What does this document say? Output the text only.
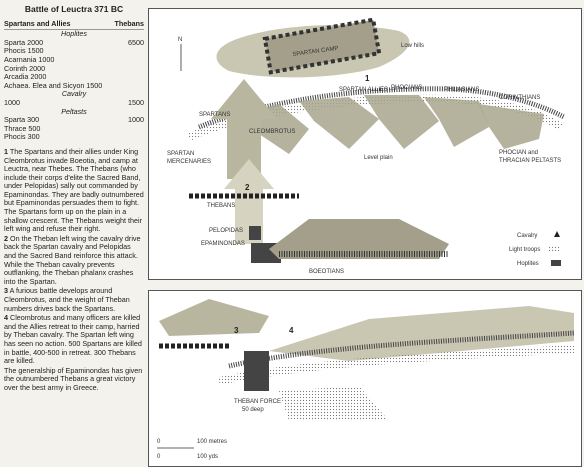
Battle of Leuctra 371 BC
Spartans and Allies	Thebans
Hoplites
Sparta 2000	6500
Phocis 1500
Acarnania 1000
Corinth 2000
Arcadia 2000
Achaea. Elea and Sicyon 1500
Cavalry
1000	1500
Peltasts
Sparta 300	1000
Thrace 500
Phocis 300

1 The Spartans and their allies under King Cleombrotus invade Boeotia, and camp at Leuctra, near Thebes. The Thebans (who include their corps d'elite the Sacred Band, under Pelopidas) sally out commanded by Epaminondas. They are badly outnumbered but Epaminondas persuades them to fight. The Spartans form up on the plain in a shallow crescent. The Thebans weight their left wing and refuse their right.

2 On the Theban left wing the cavalry drive back the Spartan cavalry and Pelopidas and the Sacred Band reinforce this attack. While the Theban cavalry prevents outflanking, the Theban phalanx crashes into the Spartan.

3 A furious battle develops around Cleombrotus, and the weight of Theban numbers drives back the Spartans.

4 Cleombrotus and many officers are killed and the Allies retreat to their camp, harried by Theban cavalry. The Spartan left wing has seen no action. 500 Spartans are killed in battle, 400-500 in retreat. 300 Thebans are killed.

The generalship of Epaminondas has given the outnumbered Thebans a great victory over the best army in Greece.

SPARTAN CAMP	Low hills
N
1
SPARTAN ALLIES —
PHOCIANS	PHLIASIANS
CORINTHIANS
SPARTANS
CLEOMBROTUS
SPARTAN
MERCENARIES
Level plain
PHOCIAN and
THRACIAN PELTASTS
2
THEBANS
PELOPIDAS
EPAMINONDAS
BOEOTIANS
Cavalry
Light troops
Hoplites
3	4
THEBAN FORCE
50 deep
0	100 metres
0	100 yds
